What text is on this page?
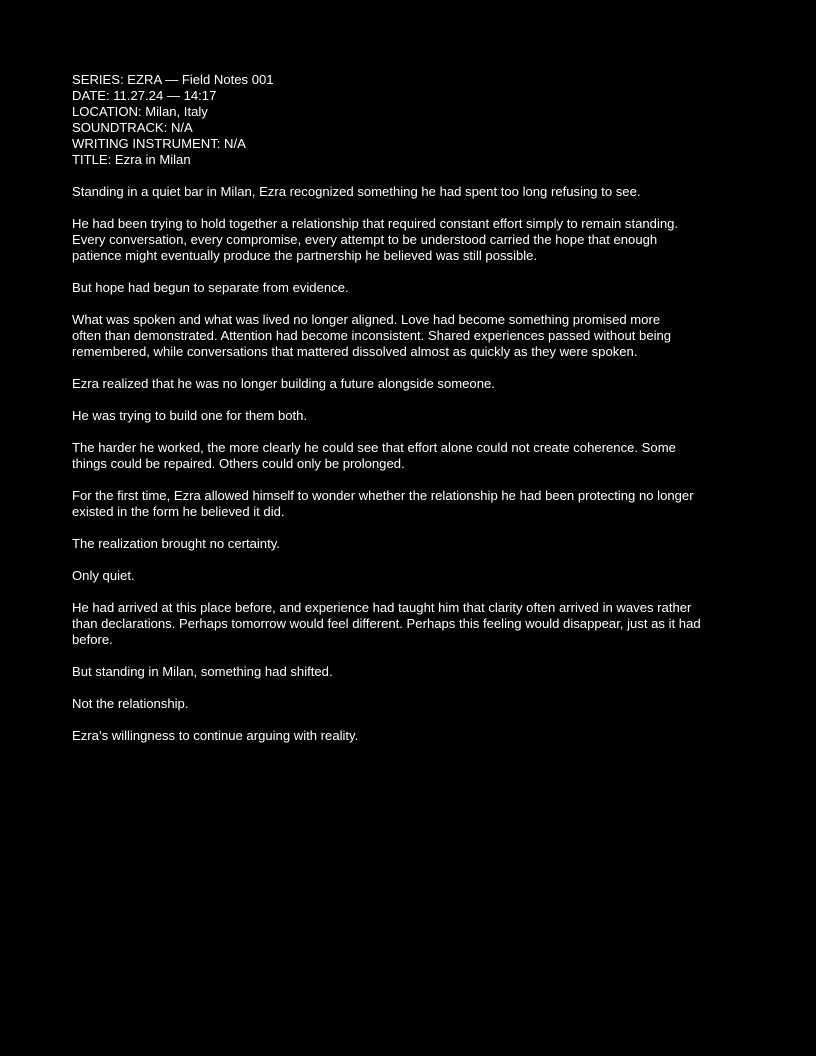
SERIES: EZRA — Field Notes 001
DATE: 11.27.24 — 14:17
LOCATION: Milan, Italy
SOUNDTRACK: N/A
WRITING INSTRUMENT: N/A
TITLE: Ezra in Milan
Standing in a quiet bar in Milan, Ezra recognized something he had spent too long refusing to see.
He had been trying to hold together a relationship that required constant effort simply to remain standing.
Every conversation, every compromise, every attempt to be understood carried the hope that enough
patience might eventually produce the partnership he believed was still possible.
But hope had begun to separate from evidence.
What was spoken and what was lived no longer aligned. Love had become something promised more
often than demonstrated. Attention had become inconsistent. Shared experiences passed without being
remembered, while conversations that mattered dissolved almost as quickly as they were spoken.
Ezra realized that he was no longer building a future alongside someone.
He was trying to build one for them both.
The harder he worked, the more clearly he could see that effort alone could not create coherence. Some
things could be repaired. Others could only be prolonged.
For the first time, Ezra allowed himself to wonder whether the relationship he had been protecting no longer
existed in the form he believed it did.
The realization brought no certainty.
Only quiet.
He had arrived at this place before, and experience had taught him that clarity often arrived in waves rather
than declarations. Perhaps tomorrow would feel different. Perhaps this feeling would disappear, just as it had
before.
But standing in Milan, something had shifted.
Not the relationship.
Ezra’s willingness to continue arguing with reality.
